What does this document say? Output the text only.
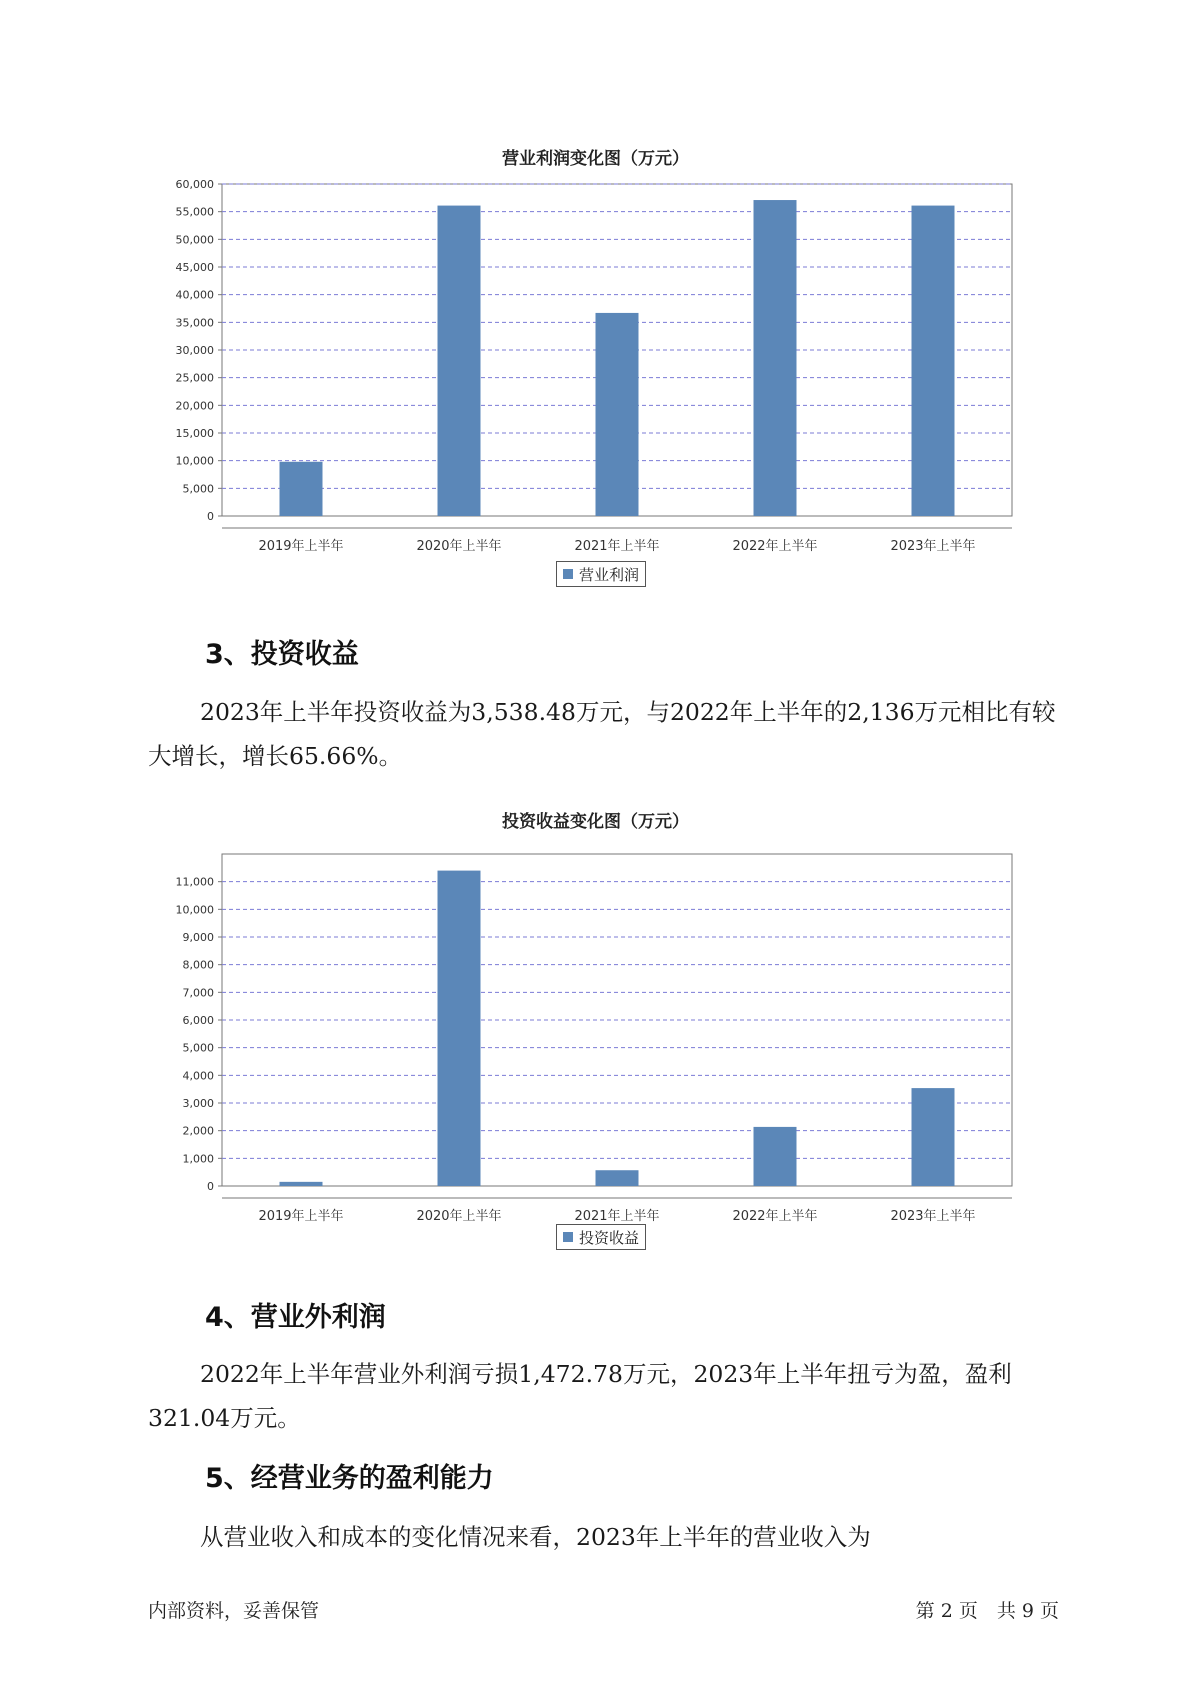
营业利润变化图（万元）
0
5,000
10,000
15,000
20,000
25,000
30,000
35,000
40,000
45,000
50,000
55,000
60,000
2019年上半年	2020年上半年	2021年上半年	2022年上半年	2023年上半年
营业利润
3、投资收益

2023年上半年投资收益为3,538.48万元，与2022年上半年的2,136万元相比有较大增长，增长65.66%。

投资收益变化图（万元）
0
1,000
2,000
3,000
4,000
5,000
6,000
7,000
8,000
9,000
10,000
11,000
2019年上半年	2020年上半年	2021年上半年	2022年上半年	2023年上半年
投资收益
4、营业外利润

2022年上半年营业外利润亏损1,472.78万元，2023年上半年扭亏为盈，盈利321.04万元。

5、经营业务的盈利能力

从营业收入和成本的变化情况来看，2023年上半年的营业收入为

内部资料，妥善保管	第 2 页　共 9 页
